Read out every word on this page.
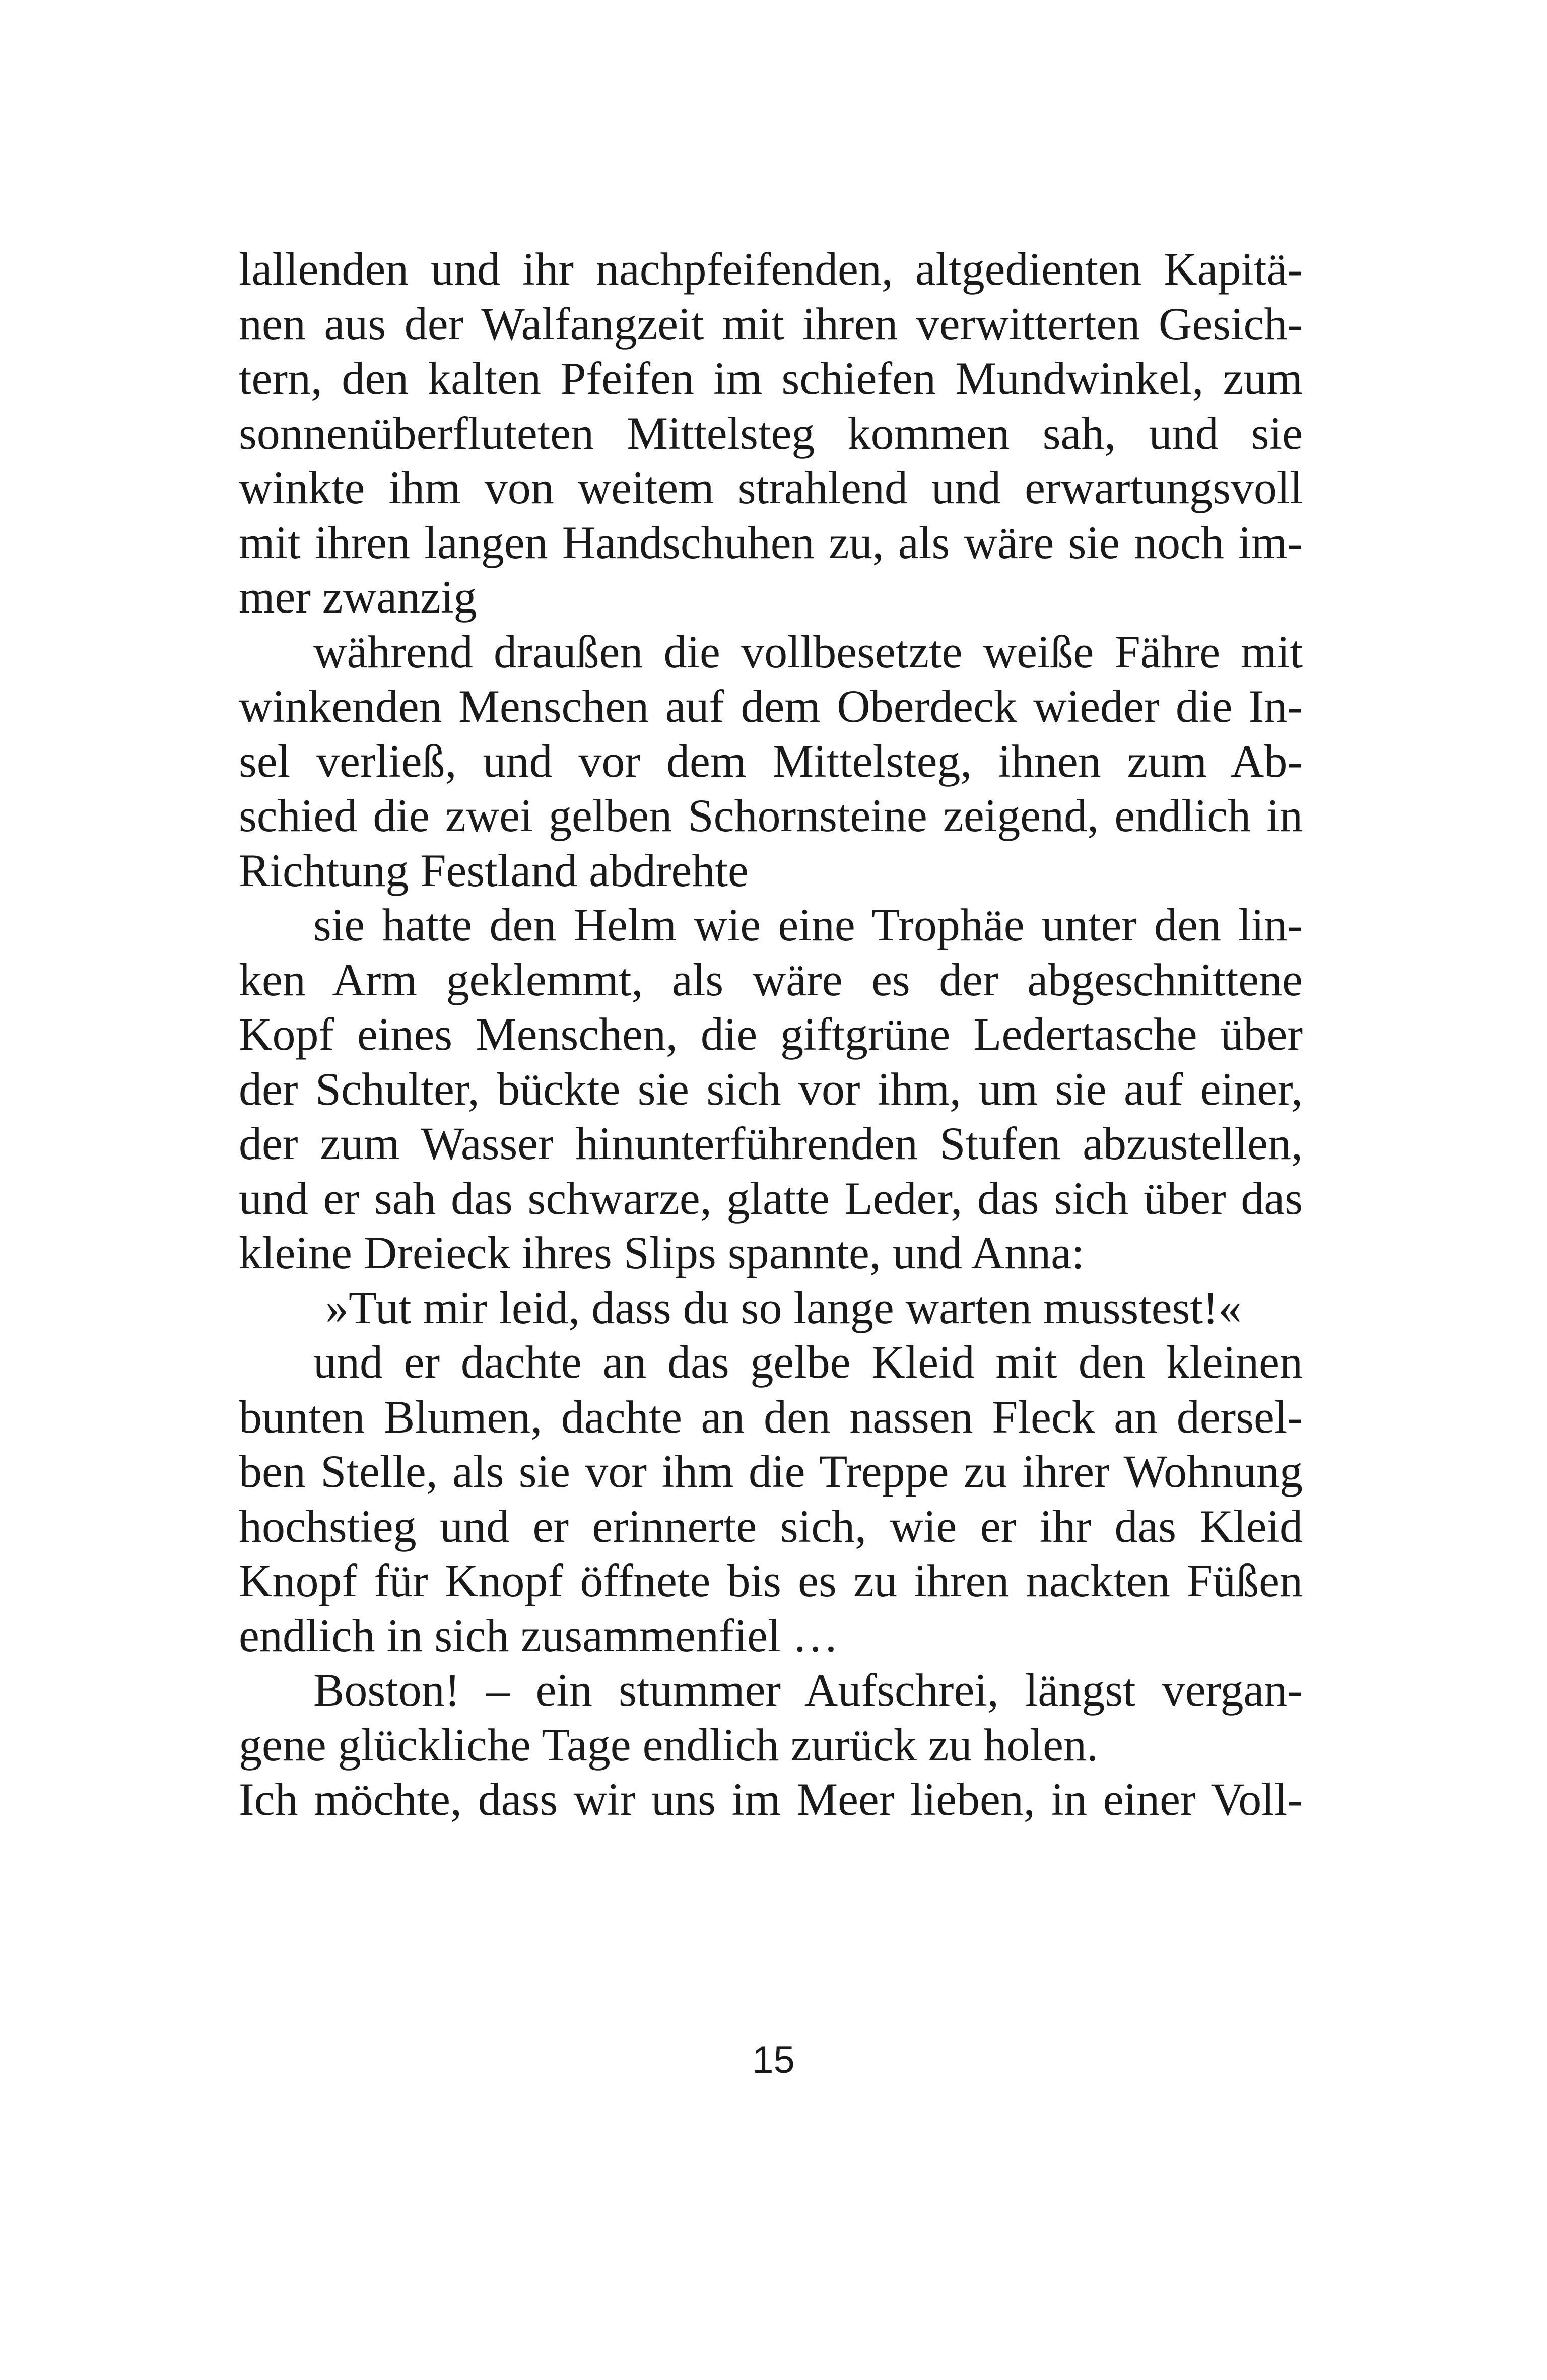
lallenden und ihr nachpfeifenden, altgedienten Kapitä-
nen aus der Walfangzeit mit ihren verwitterten Gesich-
tern, den kalten Pfeifen im schiefen Mundwinkel, zum
sonnenüberfluteten Mittelsteg kommen sah, und sie
winkte ihm von weitem strahlend und erwartungsvoll
mit ihren langen Handschuhen zu, als wäre sie noch im-
mer zwanzig
während draußen die vollbesetzte weiße Fähre mit
winkenden Menschen auf dem Oberdeck wieder die In-
sel verließ, und vor dem Mittelsteg, ihnen zum Ab-
schied die zwei gelben Schornsteine zeigend, endlich in
Richtung Festland abdrehte
sie hatte den Helm wie eine Trophäe unter den lin-
ken Arm geklemmt, als wäre es der abgeschnittene
Kopf eines Menschen, die giftgrüne Ledertasche über
der Schulter, bückte sie sich vor ihm, um sie auf einer,
der zum Wasser hinunterführenden Stufen abzustellen,
und er sah das schwarze, glatte Leder, das sich über das
kleine Dreieck ihres Slips spannte, und Anna:
»Tut mir leid, dass du so lange warten musstest!«
und er dachte an das gelbe Kleid mit den kleinen
bunten Blumen, dachte an den nassen Fleck an dersel-
ben Stelle, als sie vor ihm die Treppe zu ihrer Wohnung
hochstieg und er erinnerte sich, wie er ihr das Kleid
Knopf für Knopf öffnete bis es zu ihren nackten Füßen
endlich in sich zusammenfiel …
Boston! – ein stummer Aufschrei, längst vergan-
gene glückliche Tage endlich zurück zu holen.
Ich möchte, dass wir uns im Meer lieben, in einer Voll-
15
